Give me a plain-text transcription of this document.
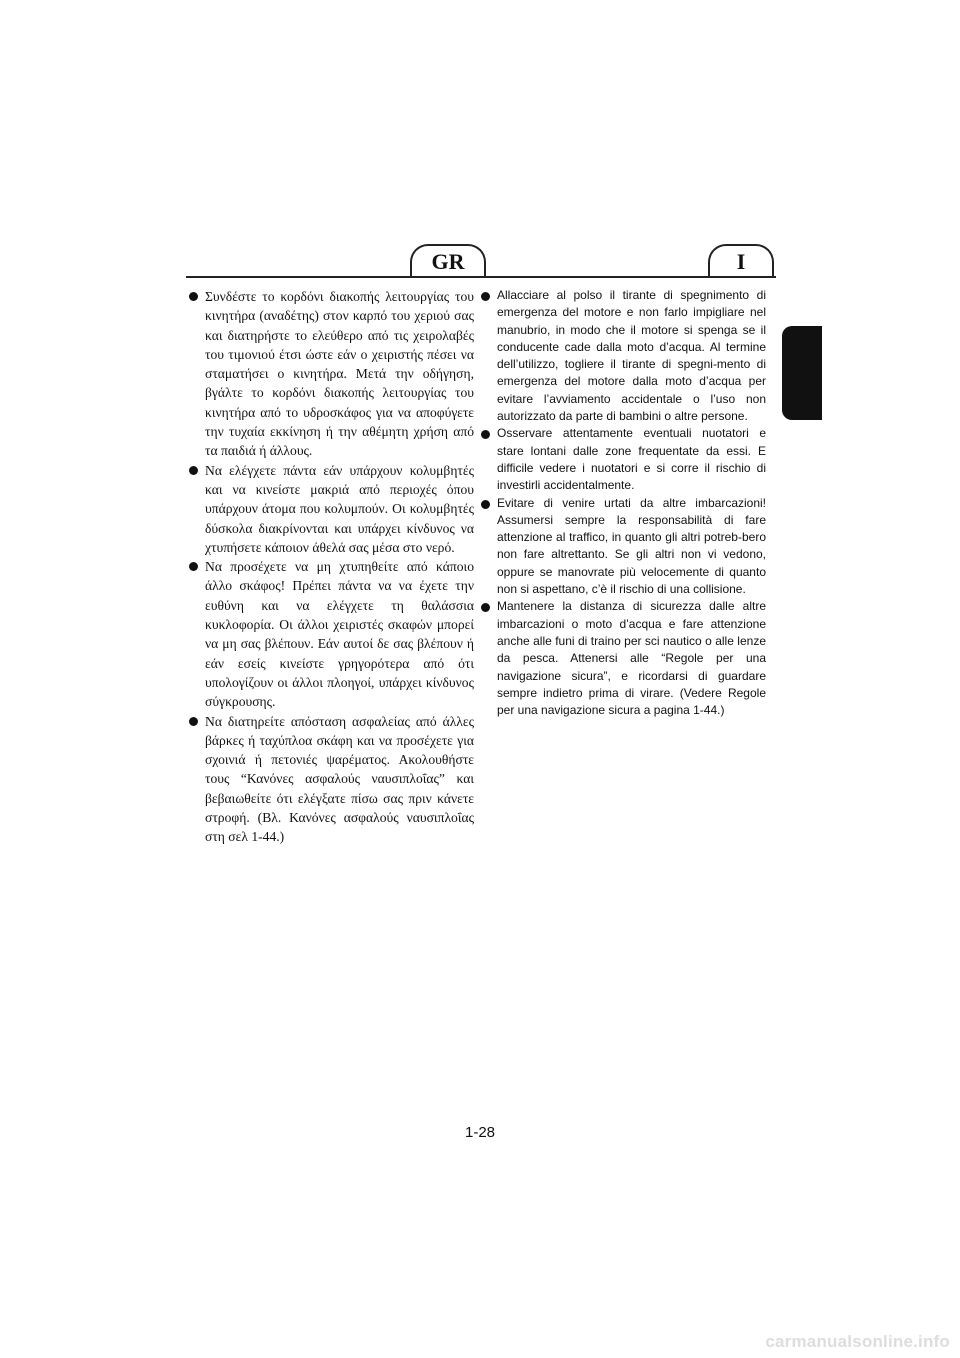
GR	I
Συνδέστε το κορδόνι διακοπής λειτουργίας του κινητήρα (αναδέτης) στον καρπό του χεριού σας και διατηρήστε το ελεύθερο από τις χειρολαβές του τιμονιού έτσι ώστε εάν ο χειριστής πέσει να σταματήσει ο κινητήρα. Μετά την οδήγηση, βγάλτε το κορδόνι διακοπής λειτουργίας του κινητήρα από το υδροσκάφος για να αποφύγετε την τυχαία εκκίνηση ή την αθέμητη χρήση από τα παιδιά ή άλλους.
Να ελέγχετε πάντα εάν υπάρχουν κολυμβητές και να κινείστε μακριά από περιοχές όπου υπάρχουν άτομα που κολυμπούν. Οι κολυμβητές δύσκολα διακρίνονται και υπάρχει κίνδυνος να χτυπήσετε κάποιον άθελά σας μέσα στο νερό.
Να προσέχετε να μη χτυπηθείτε από κάποιο άλλο σκάφος! Πρέπει πάντα να να έχετε την ευθύνη και να ελέγχετε τη θαλάσσια κυκλοφορία. Οι άλλοι χειριστές σκαφών μπορεί να μη σας βλέπουν. Εάν αυτοί δε σας βλέπουν ή εάν εσείς κινείστε γρηγορότερα από ότι υπολογίζουν οι άλλοι πλοηγοί, υπάρχει κίνδυνος σύγκρουσης.
Να διατηρείτε απόσταση ασφαλείας από άλλες βάρκες ή ταχύπλοα σκάφη και να προσέχετε για σχοινιά ή πετονιές ψαρέματος. Ακολουθήστε τους “Κανόνες ασφαλούς ναυσιπλοΐας” και βεβαιωθείτε ότι ελέγξατε πίσω σας πριν κάνετε στροφή. (Βλ. Κανόνες ασφαλούς ναυσιπλοΐας στη σελ 1-44.)
Allacciare al polso il tirante di spegnimento di emergenza del motore e non farlo impigliare nel manubrio, in modo che il motore si spenga se il conducente cade dalla moto d’acqua. Al termine dell’utilizzo, togliere il tirante di spegni-mento di emergenza del motore dalla moto d’acqua per evitare l’avviamento accidentale o l’uso non autorizzato da parte di bambini o altre persone.
Osservare attentamente eventuali nuotatori e stare lontani dalle zone frequentate da essi. E difficile vedere i nuotatori e si corre il rischio di investirli accidentalmente.
Evitare di venire urtati da altre imbarcazioni! Assumersi sempre la responsabilità di fare attenzione al traffico, in quanto gli altri potreb-bero non fare altrettanto. Se gli altri non vi vedono, oppure se manovrate più velocemente di quanto non si aspettano, c’è il rischio di una collisione.
Mantenere la distanza di sicurezza dalle altre imbarcazioni o moto d’acqua e fare attenzione anche alle funi di traino per sci nautico o alle lenze da pesca. Attenersi alle “Regole per una navigazione sicura”, e ricordarsi di guardare sempre indietro prima di virare. (Vedere Regole per una navigazione sicura a pagina 1-44.)
1-28
carmanualsonline.info
